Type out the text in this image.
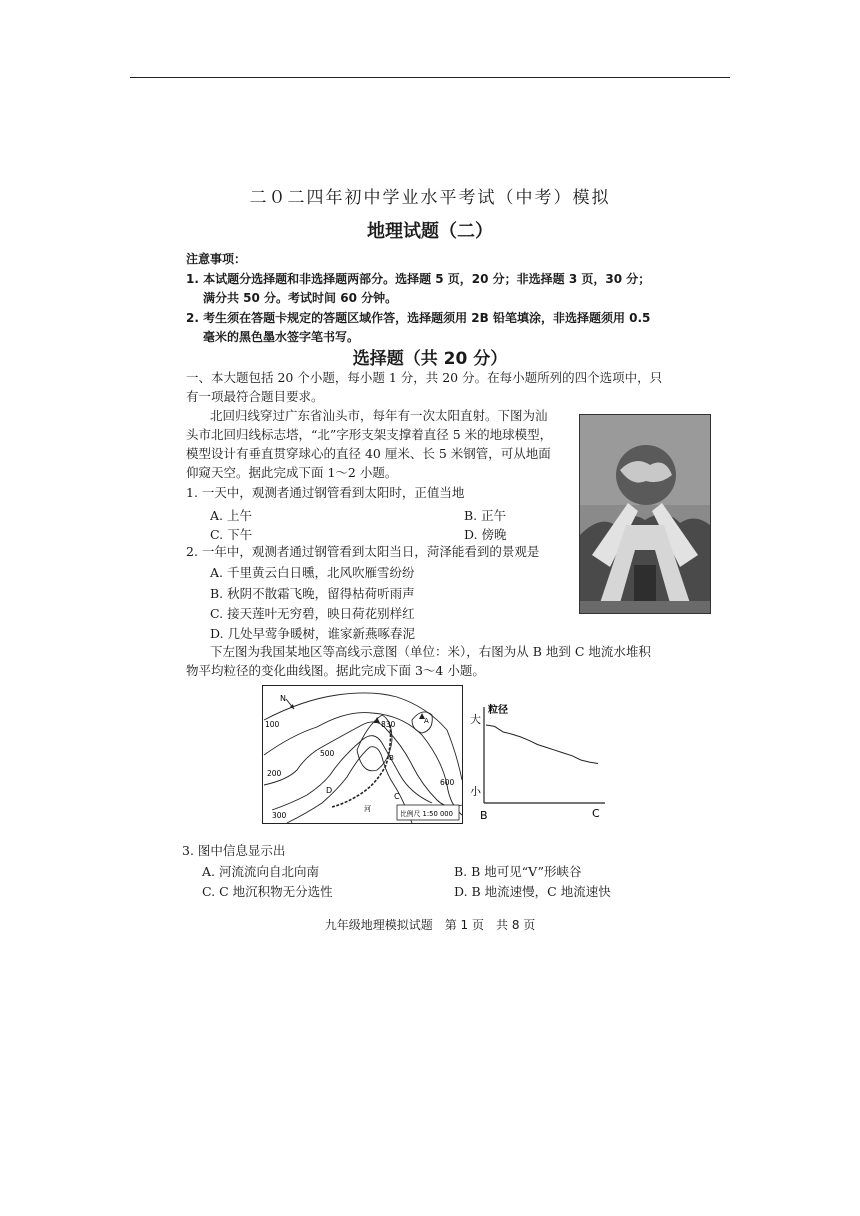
二０二四年初中学业水平考试（中考）模拟
地理试题（二）
注意事项：
1. 本试题分选择题和非选择题两部分。选择题 5 页，20 分；非选择题 3 页，30 分；
满分共 50 分。考试时间 60 分钟。
2. 考生须在答题卡规定的答题区域作答，选择题须用 2B 铅笔填涂，非选择题须用 0.5
毫米的黑色墨水签字笔书写。
选择题（共 20 分）
一、本大题包括 20 个小题，每小题 1 分，共 20 分。在每小题所列的四个选项中，只
有一项最符合题目要求。
北回归线穿过广东省汕头市，每年有一次太阳直射。下图为汕
头市北回归线标志塔，“北”字形支架支撑着直径 5 米的地球模型，
模型设计有垂直贯穿球心的直径 40 厘米、长 5 米钢管，可从地面
仰窥天空。据此完成下面 1～2 小题。
1. 一天中，观测者通过钢管看到太阳时，正值当地
A. 上午	B. 正午
C. 下午	D. 傍晚
2. 一年中，观测者通过钢管看到太阳当日，菏泽能看到的景观是
A. 千里黄云白日曛，北风吹雁雪纷纷
B. 秋阴不散霜飞晚，留得枯荷听雨声
C. 接天莲叶无穷碧，映日荷花别样红
D. 几处早莺争暖树，谁家新燕啄春泥
下左图为我国某地区等高线示意图（单位：米），右图为从 B 地到 C 地流水堆积
物平均粒径的变化曲线图。据此完成下面 3～4 小题。
N
100
200
300
500
600
830
D
C
B
A
河
比例尺 1:50 000
粒径
大
小
B	C
3. 图中信息显示出
A. 河流流向自北向南	B. B 地可见“V”形峡谷
C. C 地沉积物无分选性	D. B 地流速慢，C 地流速快
九年级地理模拟试题　第 1 页　共 8 页
